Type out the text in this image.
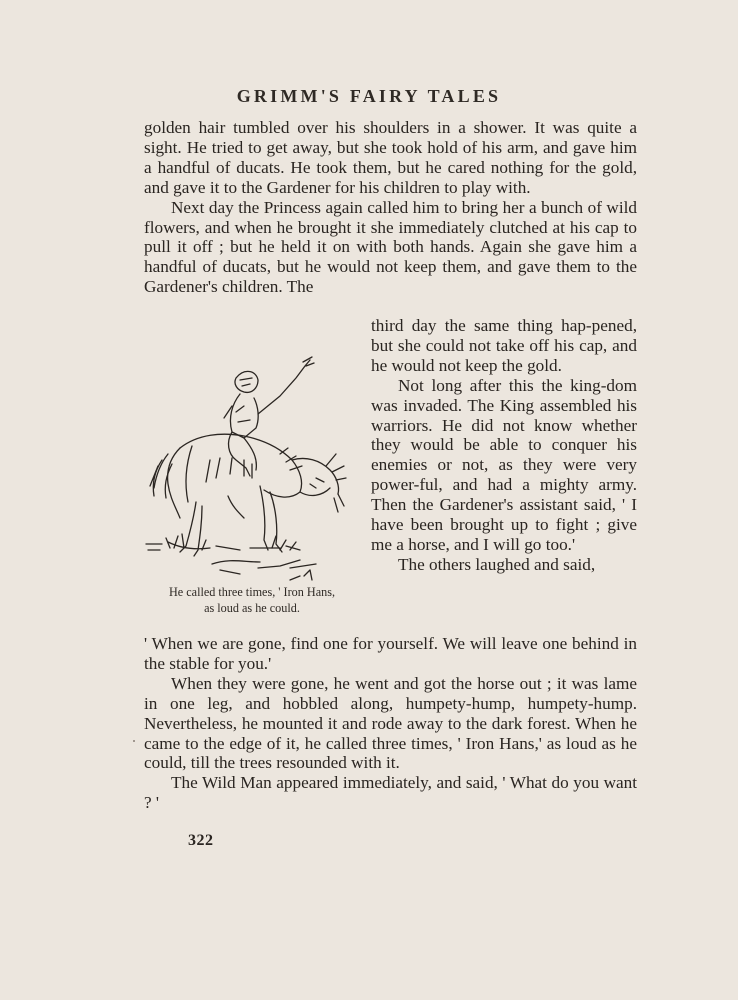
GRIMM'S FAIRY TALES

golden hair tumbled over his shoulders in a shower. It was quite a sight. He tried to get away, but she took hold of his arm, and gave him a handful of ducats. He took them, but he cared nothing for the gold, and gave it to the Gardener for his children to play with.

Next day the Princess again called him to bring her a bunch of wild flowers, and when he brought it she immediately clutched at his cap to pull it off ; but he held it on with both hands. Again she gave him a handful of ducats, but he would not keep them, and gave them to the Gardener's children. The

He called three times, ' Iron Hans,
as loud as he could.

third day the same thing hap-pened, but she could not take off his cap, and he would not keep the gold.

Not long after this the king-dom was invaded. The King assembled his warriors. He did not know whether they would be able to conquer his enemies or not, as they were very power-ful, and had a mighty army. Then the Gardener's assistant said, ' I have been brought up to fight ; give me a horse, and I will go too.'

The others laughed and said,

' When we are gone, find one for yourself. We will leave one behind in the stable for you.'

When they were gone, he went and got the horse out ; it was lame in one leg, and hobbled along, humpety-hump, humpety-hump. Nevertheless, he mounted it and rode away to the dark forest. When he came to the edge of it, he called three times, ' Iron Hans,' as loud as he could, till the trees resounded with it.

The Wild Man appeared immediately, and said, ' What do you want ? '

322
